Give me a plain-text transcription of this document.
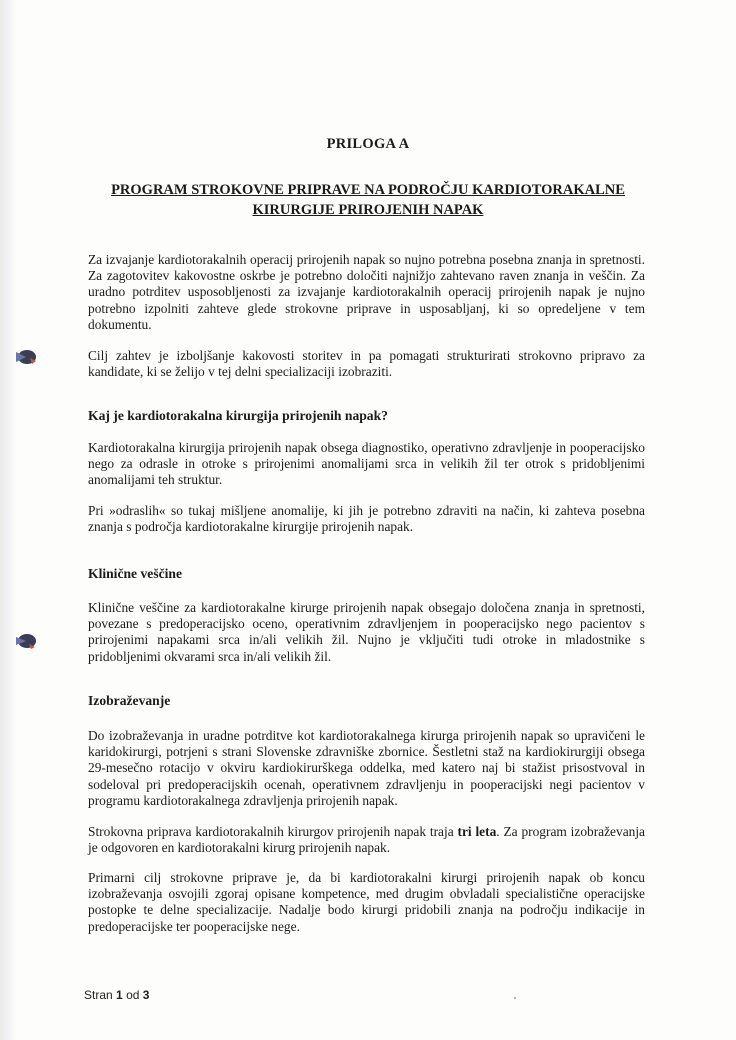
PRILOGA A
PROGRAM STROKOVNE PRIPRAVE NA PODROČJU KARDIOTORAKALNE KIRURGIJE PRIROJENIH NAPAK

Za izvajanje kardiotorakalnih operacij prirojenih napak so nujno potrebna posebna znanja in spretnosti. Za zagotovitev kakovostne oskrbe je potrebno določiti najnižjo zahtevano raven znanja in veščin. Za uradno potrditev usposobljenosti za izvajanje kardiotorakalnih operacij prirojenih napak je nujno potrebno izpolniti zahteve glede strokovne priprave in usposabljanj, ki so opredeljene v tem dokumentu.

Cilj zahtev je izboljšanje kakovosti storitev in pa pomagati strukturirati strokovno pripravo za kandidate, ki se želijo v tej delni specializaciji izobraziti.

Kaj je kardiotorakalna kirurgija prirojenih napak?

Kardiotorakalna kirurgija prirojenih napak obsega diagnostiko, operativno zdravljenje in pooperacijsko nego za odrasle in otroke s prirojenimi anomalijami srca in velikih žil ter otrok s pridobljenimi anomalijami teh struktur.

Pri »odraslih« so tukaj mišljene anomalije, ki jih je potrebno zdraviti na način, ki zahteva posebna znanja s področja kardiotorakalne kirurgije prirojenih napak.

Klinične veščine

Klinične veščine za kardiotorakalne kirurge prirojenih napak obsegajo določena znanja in spretnosti, povezane s predoperacijsko oceno, operativnim zdravljenjem in pooperacijsko nego pacientov s prirojenimi napakami srca in/ali velikih žil. Nujno je vključiti tudi otroke in mladostnike s pridobljenimi okvarami srca in/ali velikih žil.

Izobraževanje

Do izobraževanja in uradne potrditve kot kardiotorakalnega kirurga prirojenih napak so upravičeni le karidokirurgi, potrjeni s strani Slovenske zdravniške zbornice. Šestletni staž na kardiokirurgiji obsega 29-mesečno rotacijo v okviru kardiokirurškega oddelka, med katero naj bi stažist prisostvoval in sodeloval pri predoperacijskih ocenah, operativnem zdravljenju in pooperacijski negi pacientov v programu kardiotorakalnega zdravljenja prirojenih napak.

Strokovna priprava kardiotorakalnih kirurgov prirojenih napak traja tri leta. Za program izobraževanja je odgovoren en kardiotorakalni kirurg prirojenih napak.

Primarni cilj strokovne priprave je, da bi kardiotorakalni kirurgi prirojenih napak ob koncu izobraževanja osvojili zgoraj opisane kompetence, med drugim obvladali specialistične operacijske postopke te delne specializacije. Nadalje bodo kirurgi pridobili znanja na področju indikacije in predoperacijske ter pooperacijske nege.

Stran 1 od 3
